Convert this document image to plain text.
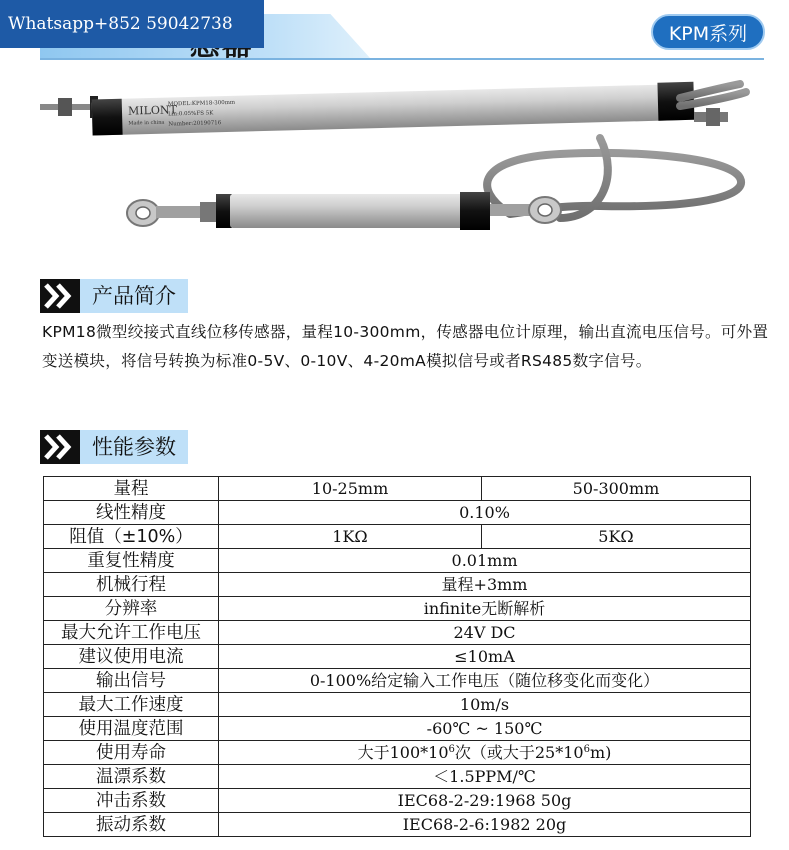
Whatsapp+852 59042738	KPM系列
MILONT
Made in china
MODEL:KPM18-300mm
Lin:0.05%FS 5K
Number:20190716
产品简介
KPM18微型绞接式直线位移传感器，量程10-300mm，传感器电位计原理，输出直流电压信号。可外置变送模块，将信号转换为标准0-5V、0-10V、4-20mA模拟信号或者RS485数字信号。
性能参数
量程	10-25mm	50-300mm
线性精度	0.10%	
阻值（±10%）	1KΩ	5KΩ
重复性精度	0.01mm	
机械行程	量程+3mm	
分辨率	infinite无断解析	
最大允许工作电压	24V DC	
建议使用电流	≤10mA	
输出信号	0-100%给定输入工作电压（随位移变化而变化）	
最大工作速度	10m/s	
使用温度范围	-60℃ ~ 150℃	
使用寿命	大于$100*10^6$次（或大于$25*10^6m$)	
温漂系数	＜1.5PPM/℃	
冲击系数	IEC68-2-29:1968 50g	
振动系数	IEC68-2-6:1982 20g	
